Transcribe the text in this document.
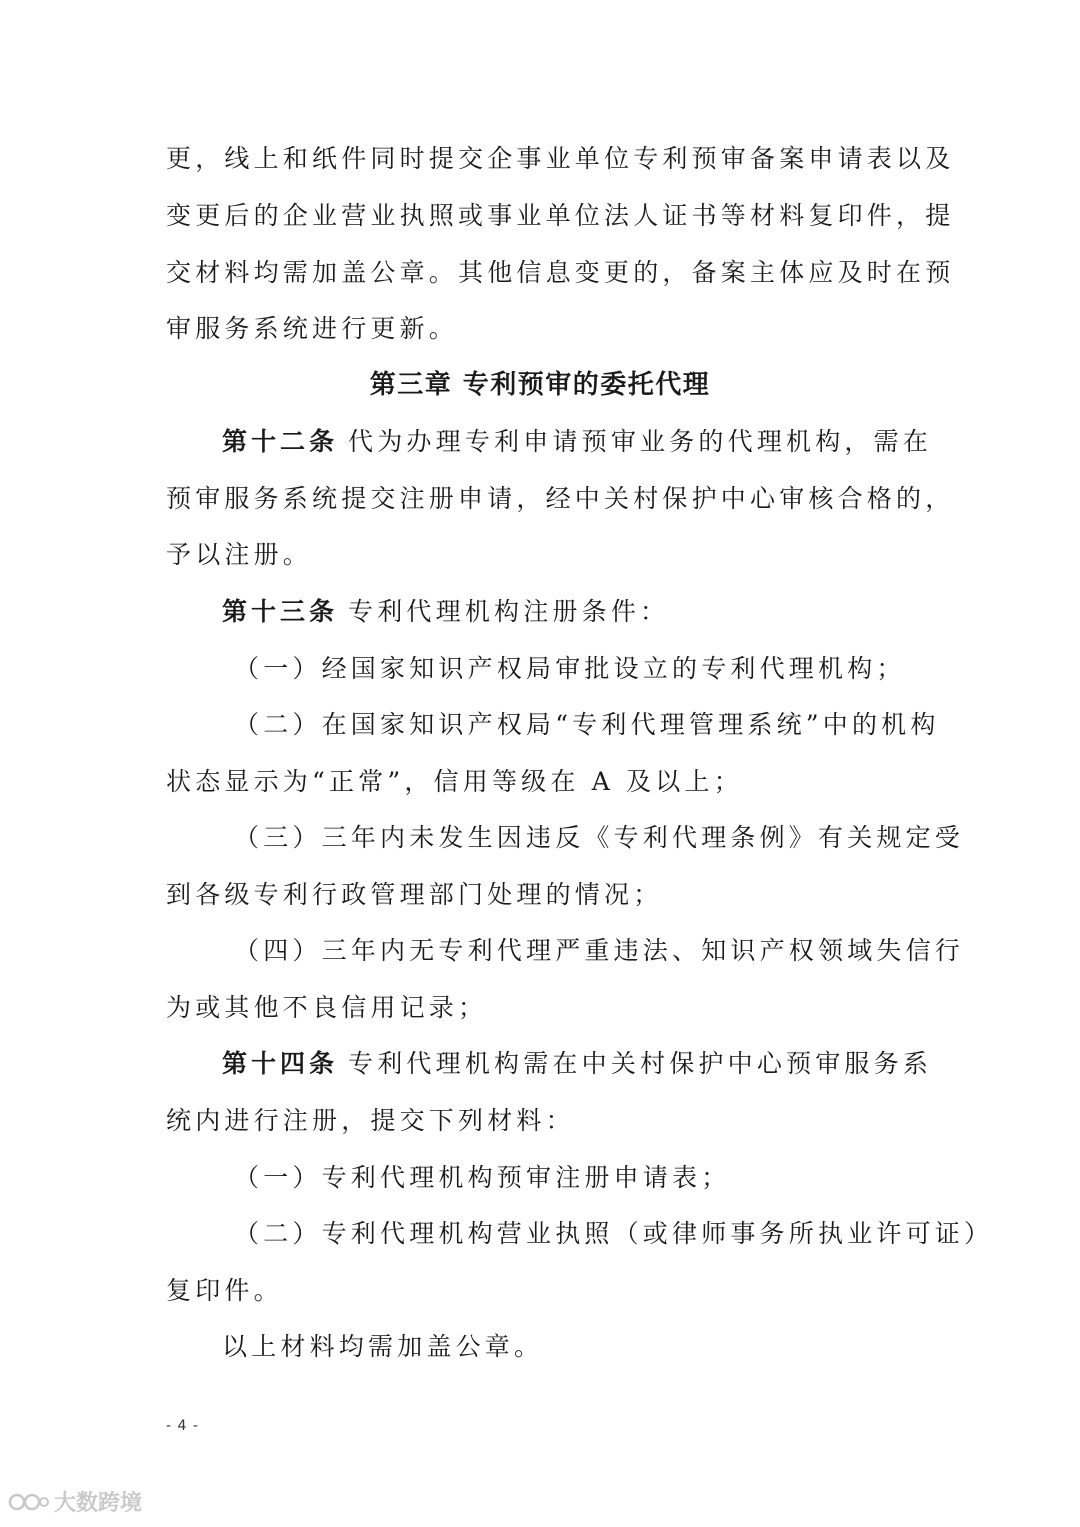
更，线上和纸件同时提交企事业单位专利预审备案申请表以及
变更后的企业营业执照或事业单位法人证书等材料复印件，提
交材料均需加盖公章。其他信息变更的，备案主体应及时在预
审服务系统进行更新。
第三章 专利预审的委托代理
第十二条 代为办理专利申请预审业务的代理机构，需在
预审服务系统提交注册申请，经中关村保护中心审核合格的，
予以注册。
第十三条 专利代理机构注册条件：
（一）经国家知识产权局审批设立的专利代理机构；
（二）在国家知识产权局“专利代理管理系统”中的机构
状态显示为“正常”，信用等级在 A 及以上；
（三）三年内未发生因违反《专利代理条例》有关规定受
到各级专利行政管理部门处理的情况；
（四）三年内无专利代理严重违法、知识产权领域失信行
为或其他不良信用记录；
第十四条 专利代理机构需在中关村保护中心预审服务系
统内进行注册，提交下列材料：
（一）专利代理机构预审注册申请表；
（二）专利代理机构营业执照（或律师事务所执业许可证）
复印件。
以上材料均需加盖公章。
- 4 -
大数跨境
